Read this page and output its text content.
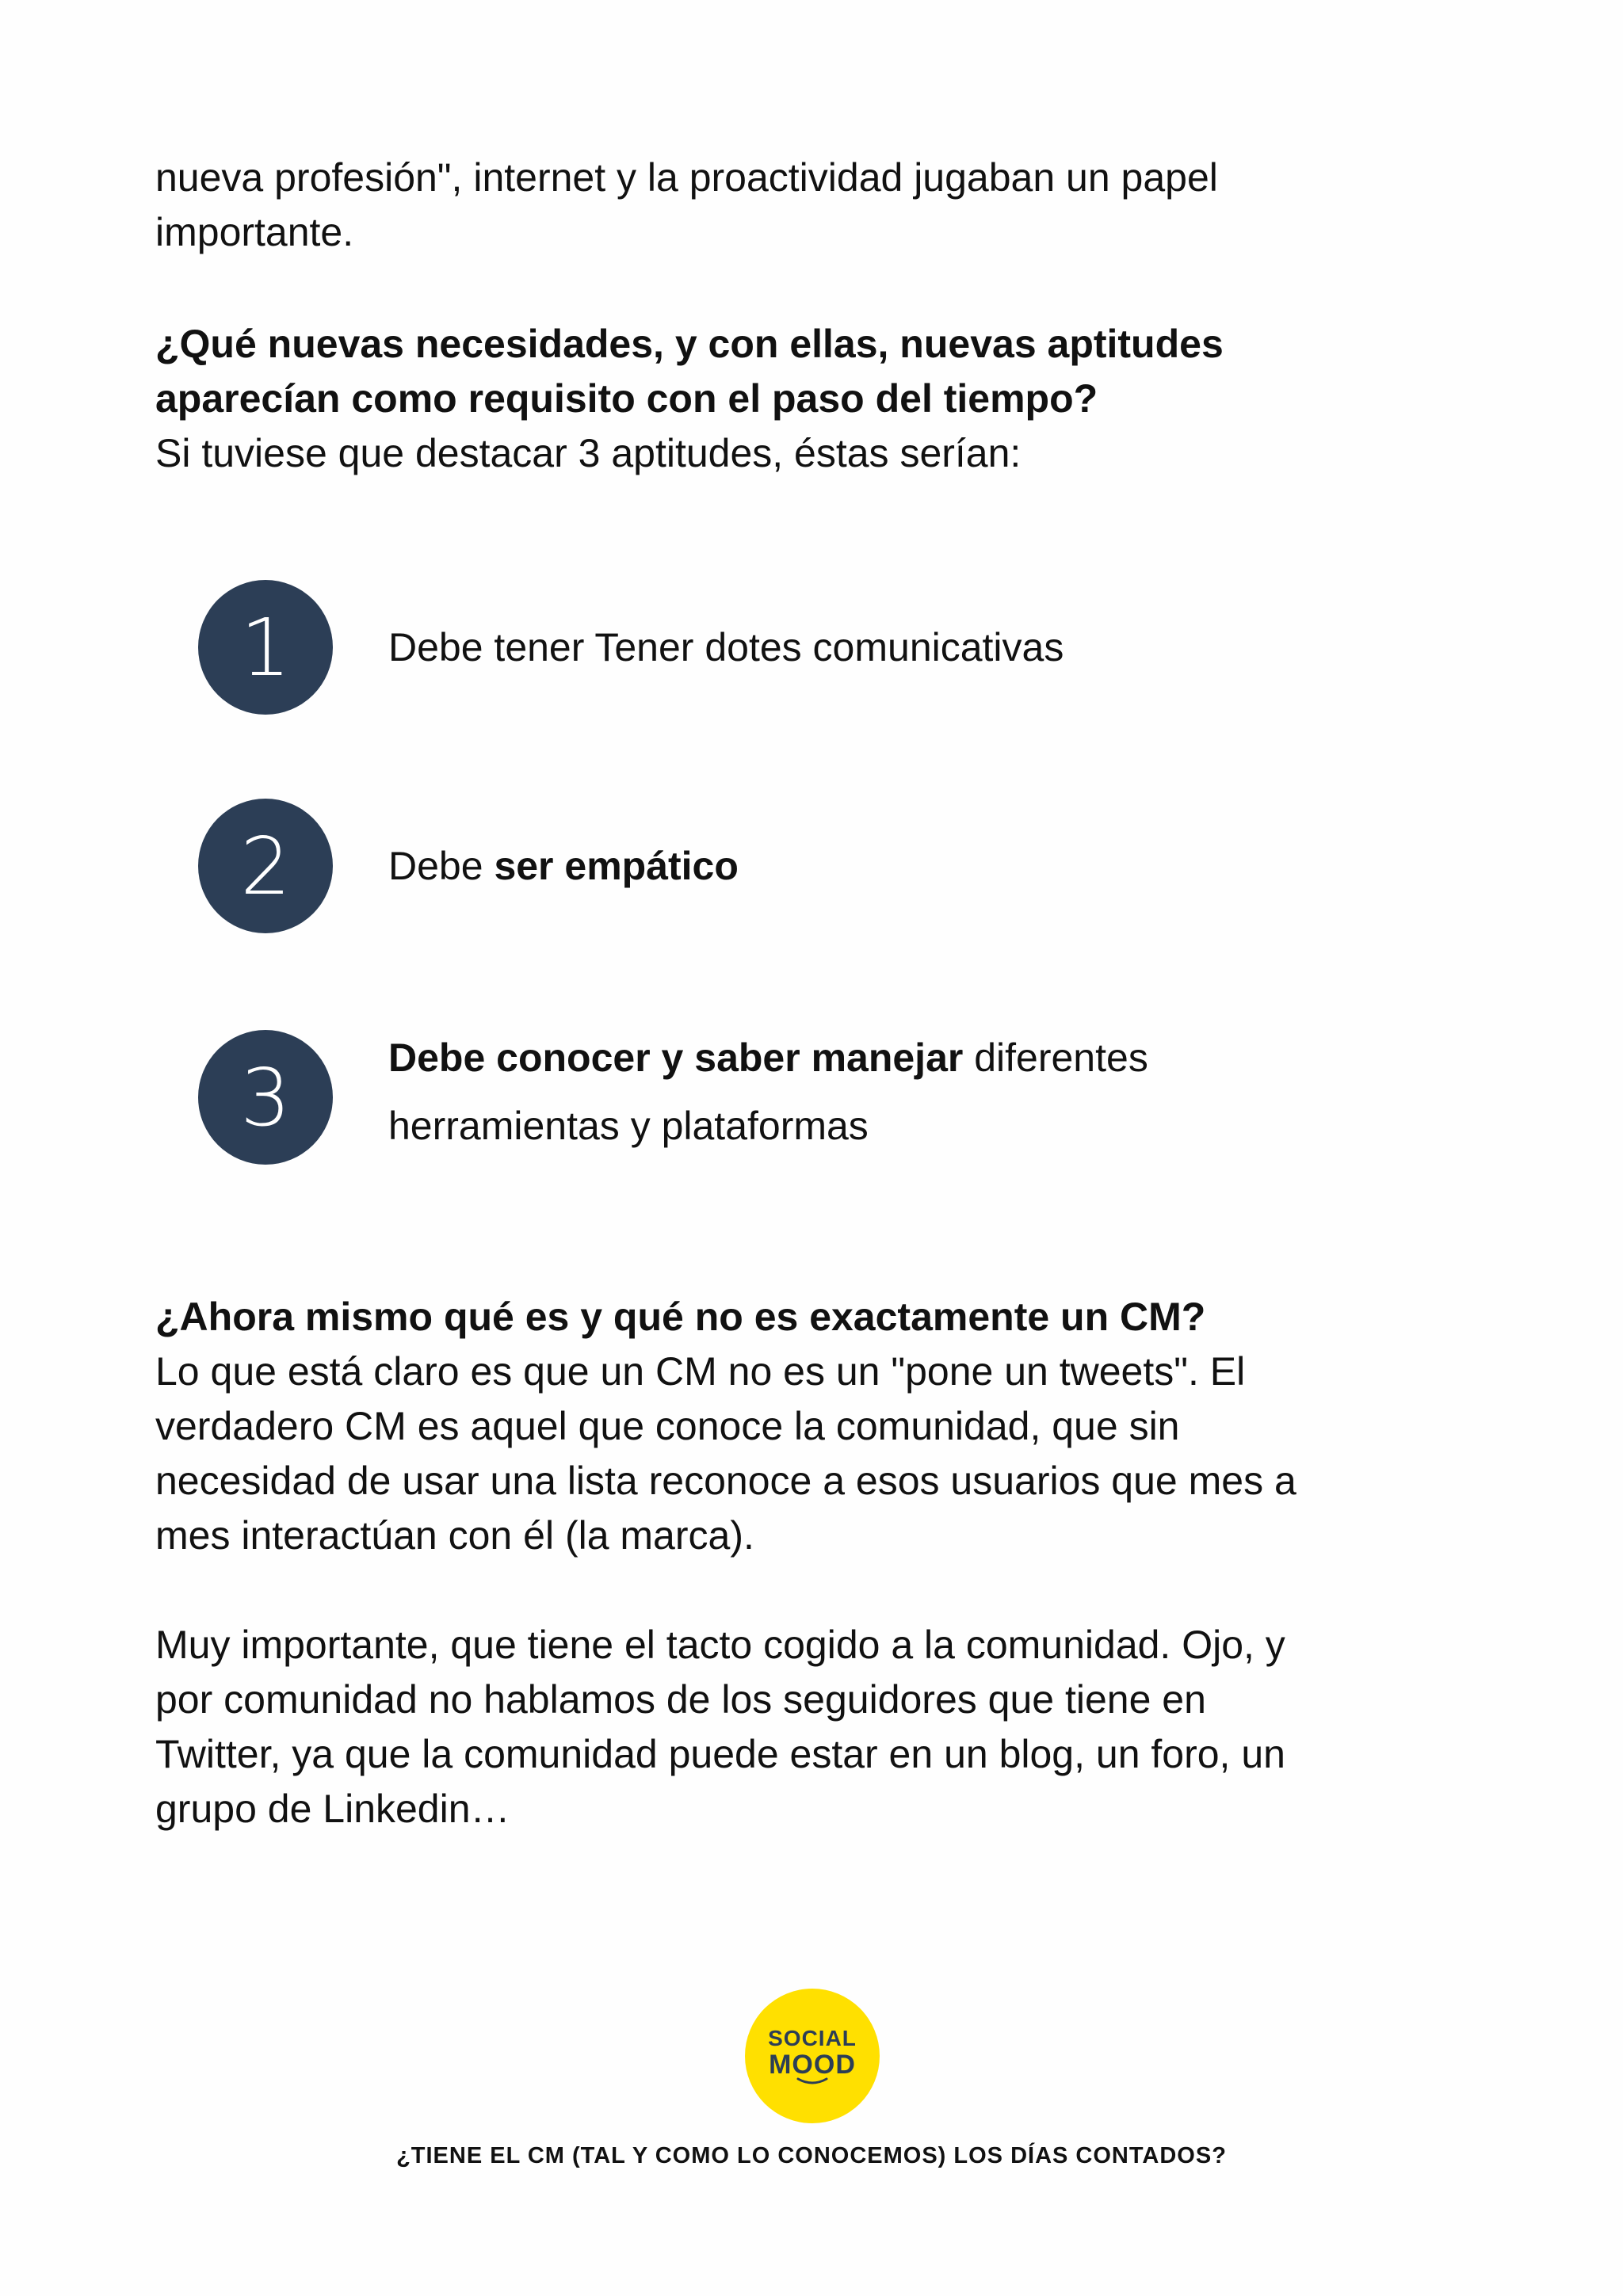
nueva profesión", internet y la proactividad jugaban un papel
importante.

¿Qué nuevas necesidades, y con ellas, nuevas aptitudes
aparecían como requisito con el paso del tiempo?
Si tuviese que destacar 3 aptitudes, éstas serían:

1	Debe tener Tener dotes comunicativas

2	Debe ser empático

3	Debe conocer y saber manejar diferentes
herramientas y plataformas

¿Ahora mismo qué es y qué no es exactamente un CM?
Lo que está claro es que un CM no es un "pone un tweets". El
verdadero CM es aquel que conoce la comunidad, que sin
necesidad de usar una lista reconoce a esos usuarios que mes a
mes interactúan con él (la marca).
Muy importante, que tiene el tacto cogido a la comunidad. Ojo, y
por comunidad no hablamos de los seguidores que tiene en
Twitter, ya que la comunidad puede estar en un blog, un foro, un
grupo de Linkedin…

SOCIAL
MOOD
¿TIENE EL CM (TAL Y COMO LO CONOCEMOS) LOS DÍAS CONTADOS?
